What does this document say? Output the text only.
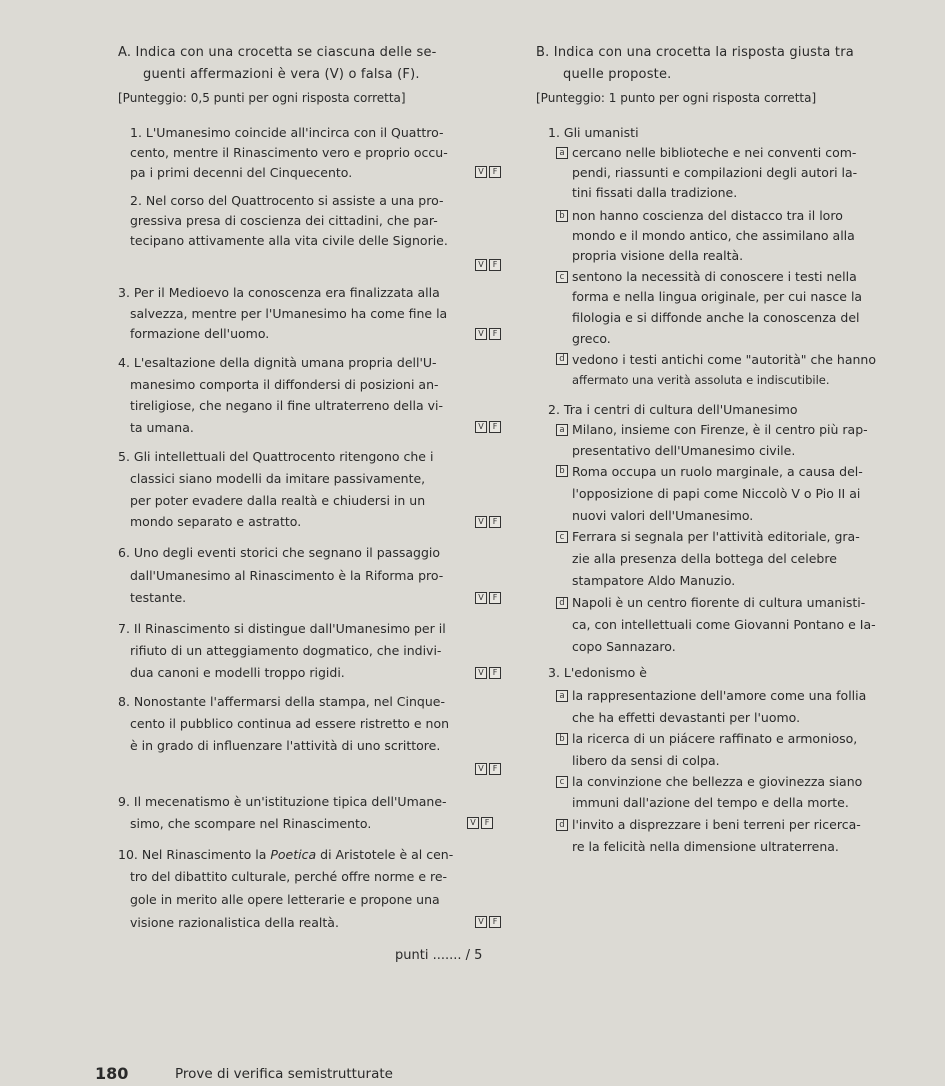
A. Indica con una crocetta se ciascuna delle se-
guenti affermazioni è vera (V) o falsa (F).
[Punteggio: 0,5 punti per ogni risposta corretta]
1. L'Umanesimo coincide all'incirca con il Quattro-
cento, mentre il Rinascimento vero e proprio occu-
pa i primi decenni del Cinquecento.	V	F
2. Nel corso del Quattrocento si assiste a una pro-
gressiva presa di coscienza dei cittadini, che par-
tecipano attivamente alla vita civile delle Signorie.
V	F
3. Per il Medioevo la conoscenza era finalizzata alla
salvezza, mentre per l'Umanesimo ha come fine la
formazione dell'uomo.	V	F
4. L'esaltazione della dignità umana propria dell'U-
manesimo comporta il diffondersi di posizioni an-
tireligiose, che negano il fine ultraterreno della vi-
ta umana.	V	F
5. Gli intellettuali del Quattrocento ritengono che i
classici siano modelli da imitare passivamente,
per poter evadere dalla realtà e chiudersi in un
mondo separato e astratto.	V	F
6. Uno degli eventi storici che segnano il passaggio
dall'Umanesimo al Rinascimento è la Riforma pro-
testante.	V	F
7. Il Rinascimento si distingue dall'Umanesimo per il
rifiuto di un atteggiamento dogmatico, che indivi-
dua canoni e modelli troppo rigidi.	V	F
8. Nonostante l'affermarsi della stampa, nel Cinque-
cento il pubblico continua ad essere ristretto e non
è in grado di influenzare l'attività di uno scrittore.
V	F
9. Il mecenatismo è un'istituzione tipica dell'Umane-
simo, che scompare nel Rinascimento.	V	F
10. Nel Rinascimento la Poetica di Aristotele è al cen-
tro del dibattito culturale, perché offre norme e re-
gole in merito alle opere letterarie e propone una
visione razionalistica della realtà.	V	F
punti ....... / 5
B. Indica con una crocetta la risposta giusta tra
quelle proposte.
[Punteggio: 1 punto per ogni risposta corretta]
1. Gli umanisti
a cercano nelle biblioteche e nei conventi com-
pendi, riassunti e compilazioni degli autori la-
tini fissati dalla tradizione.
b non hanno coscienza del distacco tra il loro
mondo e il mondo antico, che assimilano alla
propria visione della realtà.
c sentono la necessità di conoscere i testi nella
forma e nella lingua originale, per cui nasce la
filologia e si diffonde anche la conoscenza del
greco.
d vedono i testi antichi come "autorità" che hanno
affermato una verità assoluta e indiscutibile.
2. Tra i centri di cultura dell'Umanesimo
a Milano, insieme con Firenze, è il centro più rap-
presentativo dell'Umanesimo civile.
b Roma occupa un ruolo marginale, a causa del-
l'opposizione di papi come Niccolò V o Pio II ai
nuovi valori dell'Umanesimo.
c Ferrara si segnala per l'attività editoriale, gra-
zie alla presenza della bottega del celebre
stampatore Aldo Manuzio.
d Napoli è un centro fiorente di cultura umanisti-
ca, con intellettuali come Giovanni Pontano e Ia-
copo Sannazaro.
3. L'edonismo è
a la rappresentazione dell'amore come una follia
che ha effetti devastanti per l'uomo.
b la ricerca di un piácere raffinato e armonioso,
libero da sensi di colpa.
c la convinzione che bellezza e giovinezza siano
immuni dall'azione del tempo e della morte.
d l'invito a disprezzare i beni terreni per ricerca-
re la felicità nella dimensione ultraterrena.
180	Prove di verifica semistrutturate
